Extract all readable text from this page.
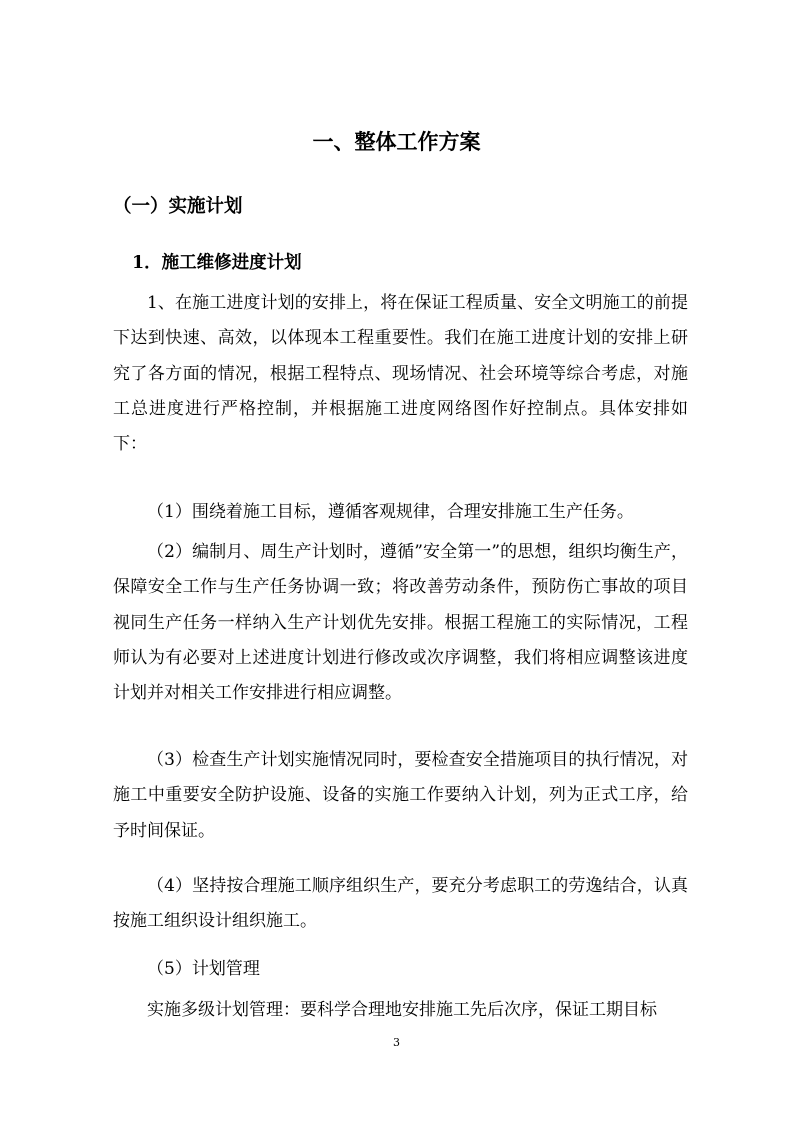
一、整体工作方案
（一）实施计划
1．施工维修进度计划

1、在施工进度计划的安排上，将在保证工程质量、安全文明施工的前提下达到快速、高效，以体现本工程重要性。我们在施工进度计划的安排上研究了各方面的情况，根据工程特点、现场情况、社会环境等综合考虑，对施工总进度进行严格控制，并根据施工进度网络图作好控制点。具体安排如下：

（1）围绕着施工目标，遵循客观规律，合理安排施工生产任务。

（2）编制月、周生产计划时，遵循”安全第一”的思想，组织均衡生产，保障安全工作与生产任务协调一致；将改善劳动条件，预防伤亡事故的项目视同生产任务一样纳入生产计划优先安排。根据工程施工的实际情况，工程师认为有必要对上述进度计划进行修改或次序调整，我们将相应调整该进度计划并对相关工作安排进行相应调整。

（3）检查生产计划实施情况同时，要检查安全措施项目的执行情况，对施工中重要安全防护设施、设备的实施工作要纳入计划，列为正式工序，给予时间保证。

（4）坚持按合理施工顺序组织生产，要充分考虑职工的劳逸结合，认真按施工组织设计组织施工。

（5）计划管理

实施多级计划管理：要科学合理地安排施工先后次序，保证工期目标

3
